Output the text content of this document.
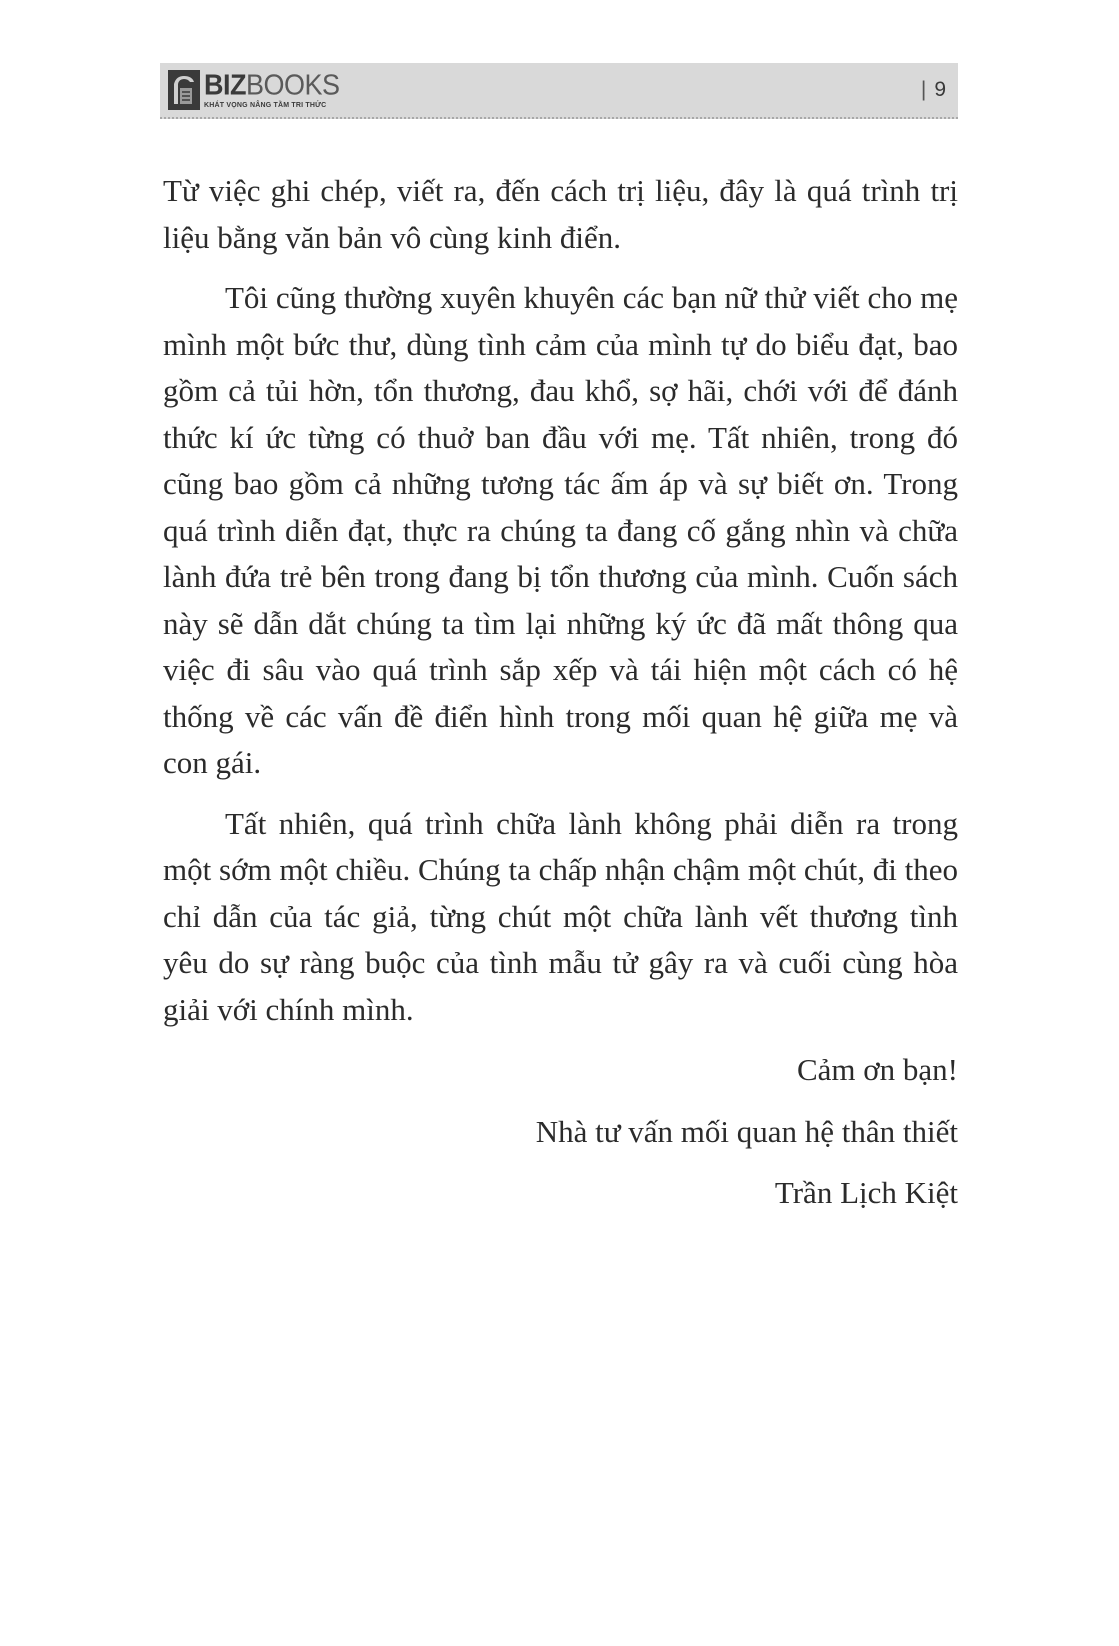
BIZBOOKS
KHÁT VỌNG NÂNG TẦM TRI THỨC
| 9

Từ việc ghi chép, viết ra, đến cách trị liệu, đây là quá trình trị liệu bằng văn bản vô cùng kinh điển.

Tôi cũng thường xuyên khuyên các bạn nữ thử viết cho mẹ mình một bức thư, dùng tình cảm của mình tự do biểu đạt, bao gồm cả tủi hờn, tổn thương, đau khổ, sợ hãi, chới với để đánh thức kí ức từng có thuở ban đầu với mẹ. Tất nhiên, trong đó cũng bao gồm cả những tương tác ấm áp và sự biết ơn. Trong quá trình diễn đạt, thực ra chúng ta đang cố gắng nhìn và chữa lành đứa trẻ bên trong đang bị tổn thương của mình. Cuốn sách này sẽ dẫn dắt chúng ta tìm lại những ký ức đã mất thông qua việc đi sâu vào quá trình sắp xếp và tái hiện một cách có hệ thống về các vấn đề điển hình trong mối quan hệ giữa mẹ và con gái.

Tất nhiên, quá trình chữa lành không phải diễn ra trong một sớm một chiều. Chúng ta chấp nhận chậm một chút, đi theo chỉ dẫn của tác giả, từng chút một chữa lành vết thương tình yêu do sự ràng buộc của tình mẫu tử gây ra và cuối cùng hòa giải với chính mình.

Cảm ơn bạn!

Nhà tư vấn mối quan hệ thân thiết

Trần Lịch Kiệt
